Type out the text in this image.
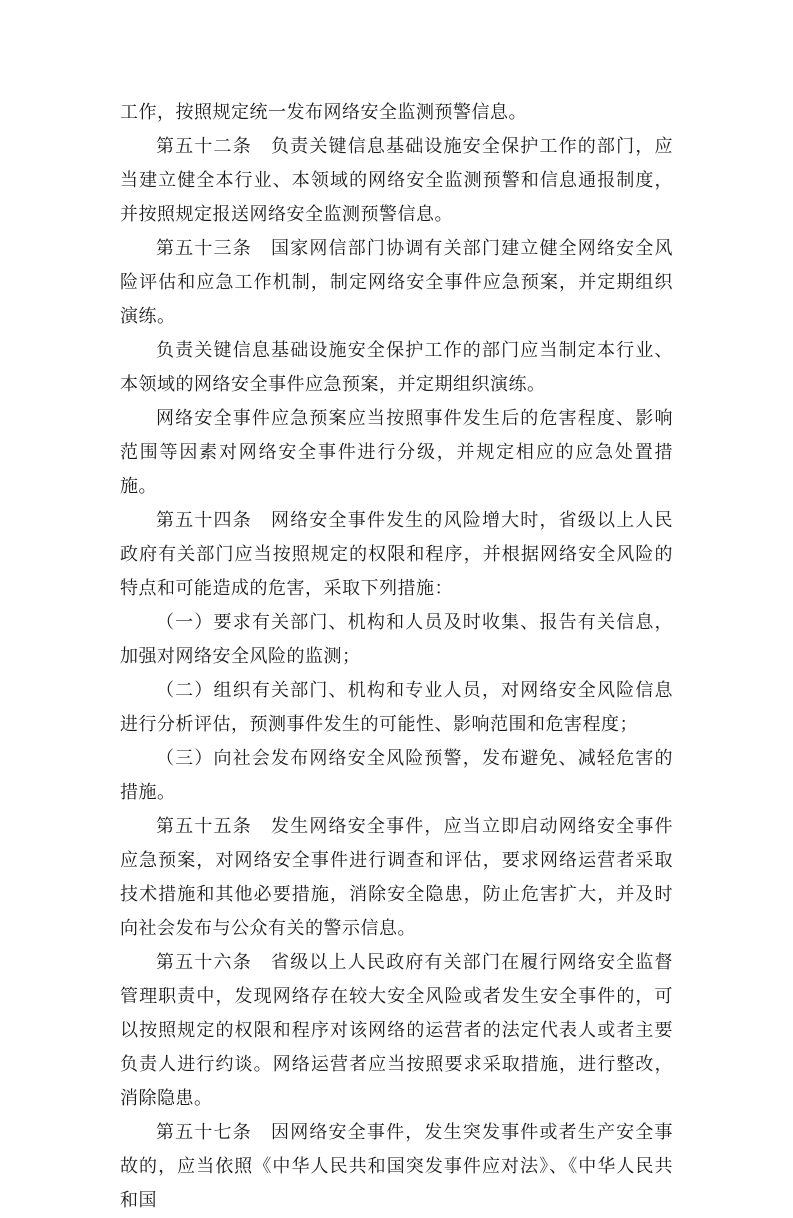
工作，按照规定统一发布网络安全监测预警信息。

第五十二条　负责关键信息基础设施安全保护工作的部门，应当建立健全本行业、本领域的网络安全监测预警和信息通报制度，并按照规定报送网络安全监测预警信息。

第五十三条　国家网信部门协调有关部门建立健全网络安全风险评估和应急工作机制，制定网络安全事件应急预案，并定期组织演练。

负责关键信息基础设施安全保护工作的部门应当制定本行业、本领域的网络安全事件应急预案，并定期组织演练。

网络安全事件应急预案应当按照事件发生后的危害程度、影响范围等因素对网络安全事件进行分级，并规定相应的应急处置措施。

第五十四条　网络安全事件发生的风险增大时，省级以上人民政府有关部门应当按照规定的权限和程序，并根据网络安全风险的特点和可能造成的危害，采取下列措施：

（一）要求有关部门、机构和人员及时收集、报告有关信息，加强对网络安全风险的监测；

（二）组织有关部门、机构和专业人员，对网络安全风险信息进行分析评估，预测事件发生的可能性、影响范围和危害程度；

（三）向社会发布网络安全风险预警，发布避免、减轻危害的措施。

第五十五条　发生网络安全事件，应当立即启动网络安全事件应急预案，对网络安全事件进行调查和评估，要求网络运营者采取技术措施和其他必要措施，消除安全隐患，防止危害扩大，并及时向社会发布与公众有关的警示信息。

第五十六条　省级以上人民政府有关部门在履行网络安全监督管理职责中，发现网络存在较大安全风险或者发生安全事件的，可以按照规定的权限和程序对该网络的运营者的法定代表人或者主要负责人进行约谈。网络运营者应当按照要求采取措施，进行整改，消除隐患。

第五十七条　因网络安全事件，发生突发事件或者生产安全事故的，应当依照《中华人民共和国突发事件应对法》、《中华人民共和国
